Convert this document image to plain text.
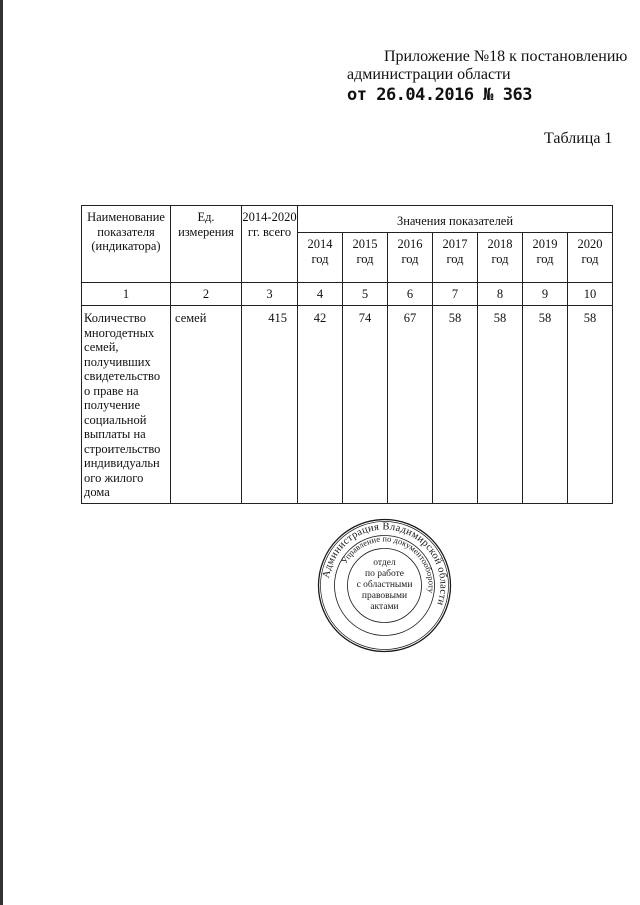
Приложение №18 к постановлению
администрации области
от 26.04.2016 № 363
Таблица 1
Наименование показателя (индикатора)	Ед. измерения	2014-2020 гг. всего	Значения показателей						
			2014 год	2015 год	2016 год	2017 год	2018 год	2019 год	2020 год
1	2	3	4	5	6	7	8	9	10
Количество многодетных семей, получивших свидетельство о праве на получение социальной выплаты на строительство индивидуальн ого жилого дома	семей	415	42	74	67	58	58	58	58
Администрация Владимирской области
Управление по документообороту
отдел
по работе
с областными
правовыми
актами
